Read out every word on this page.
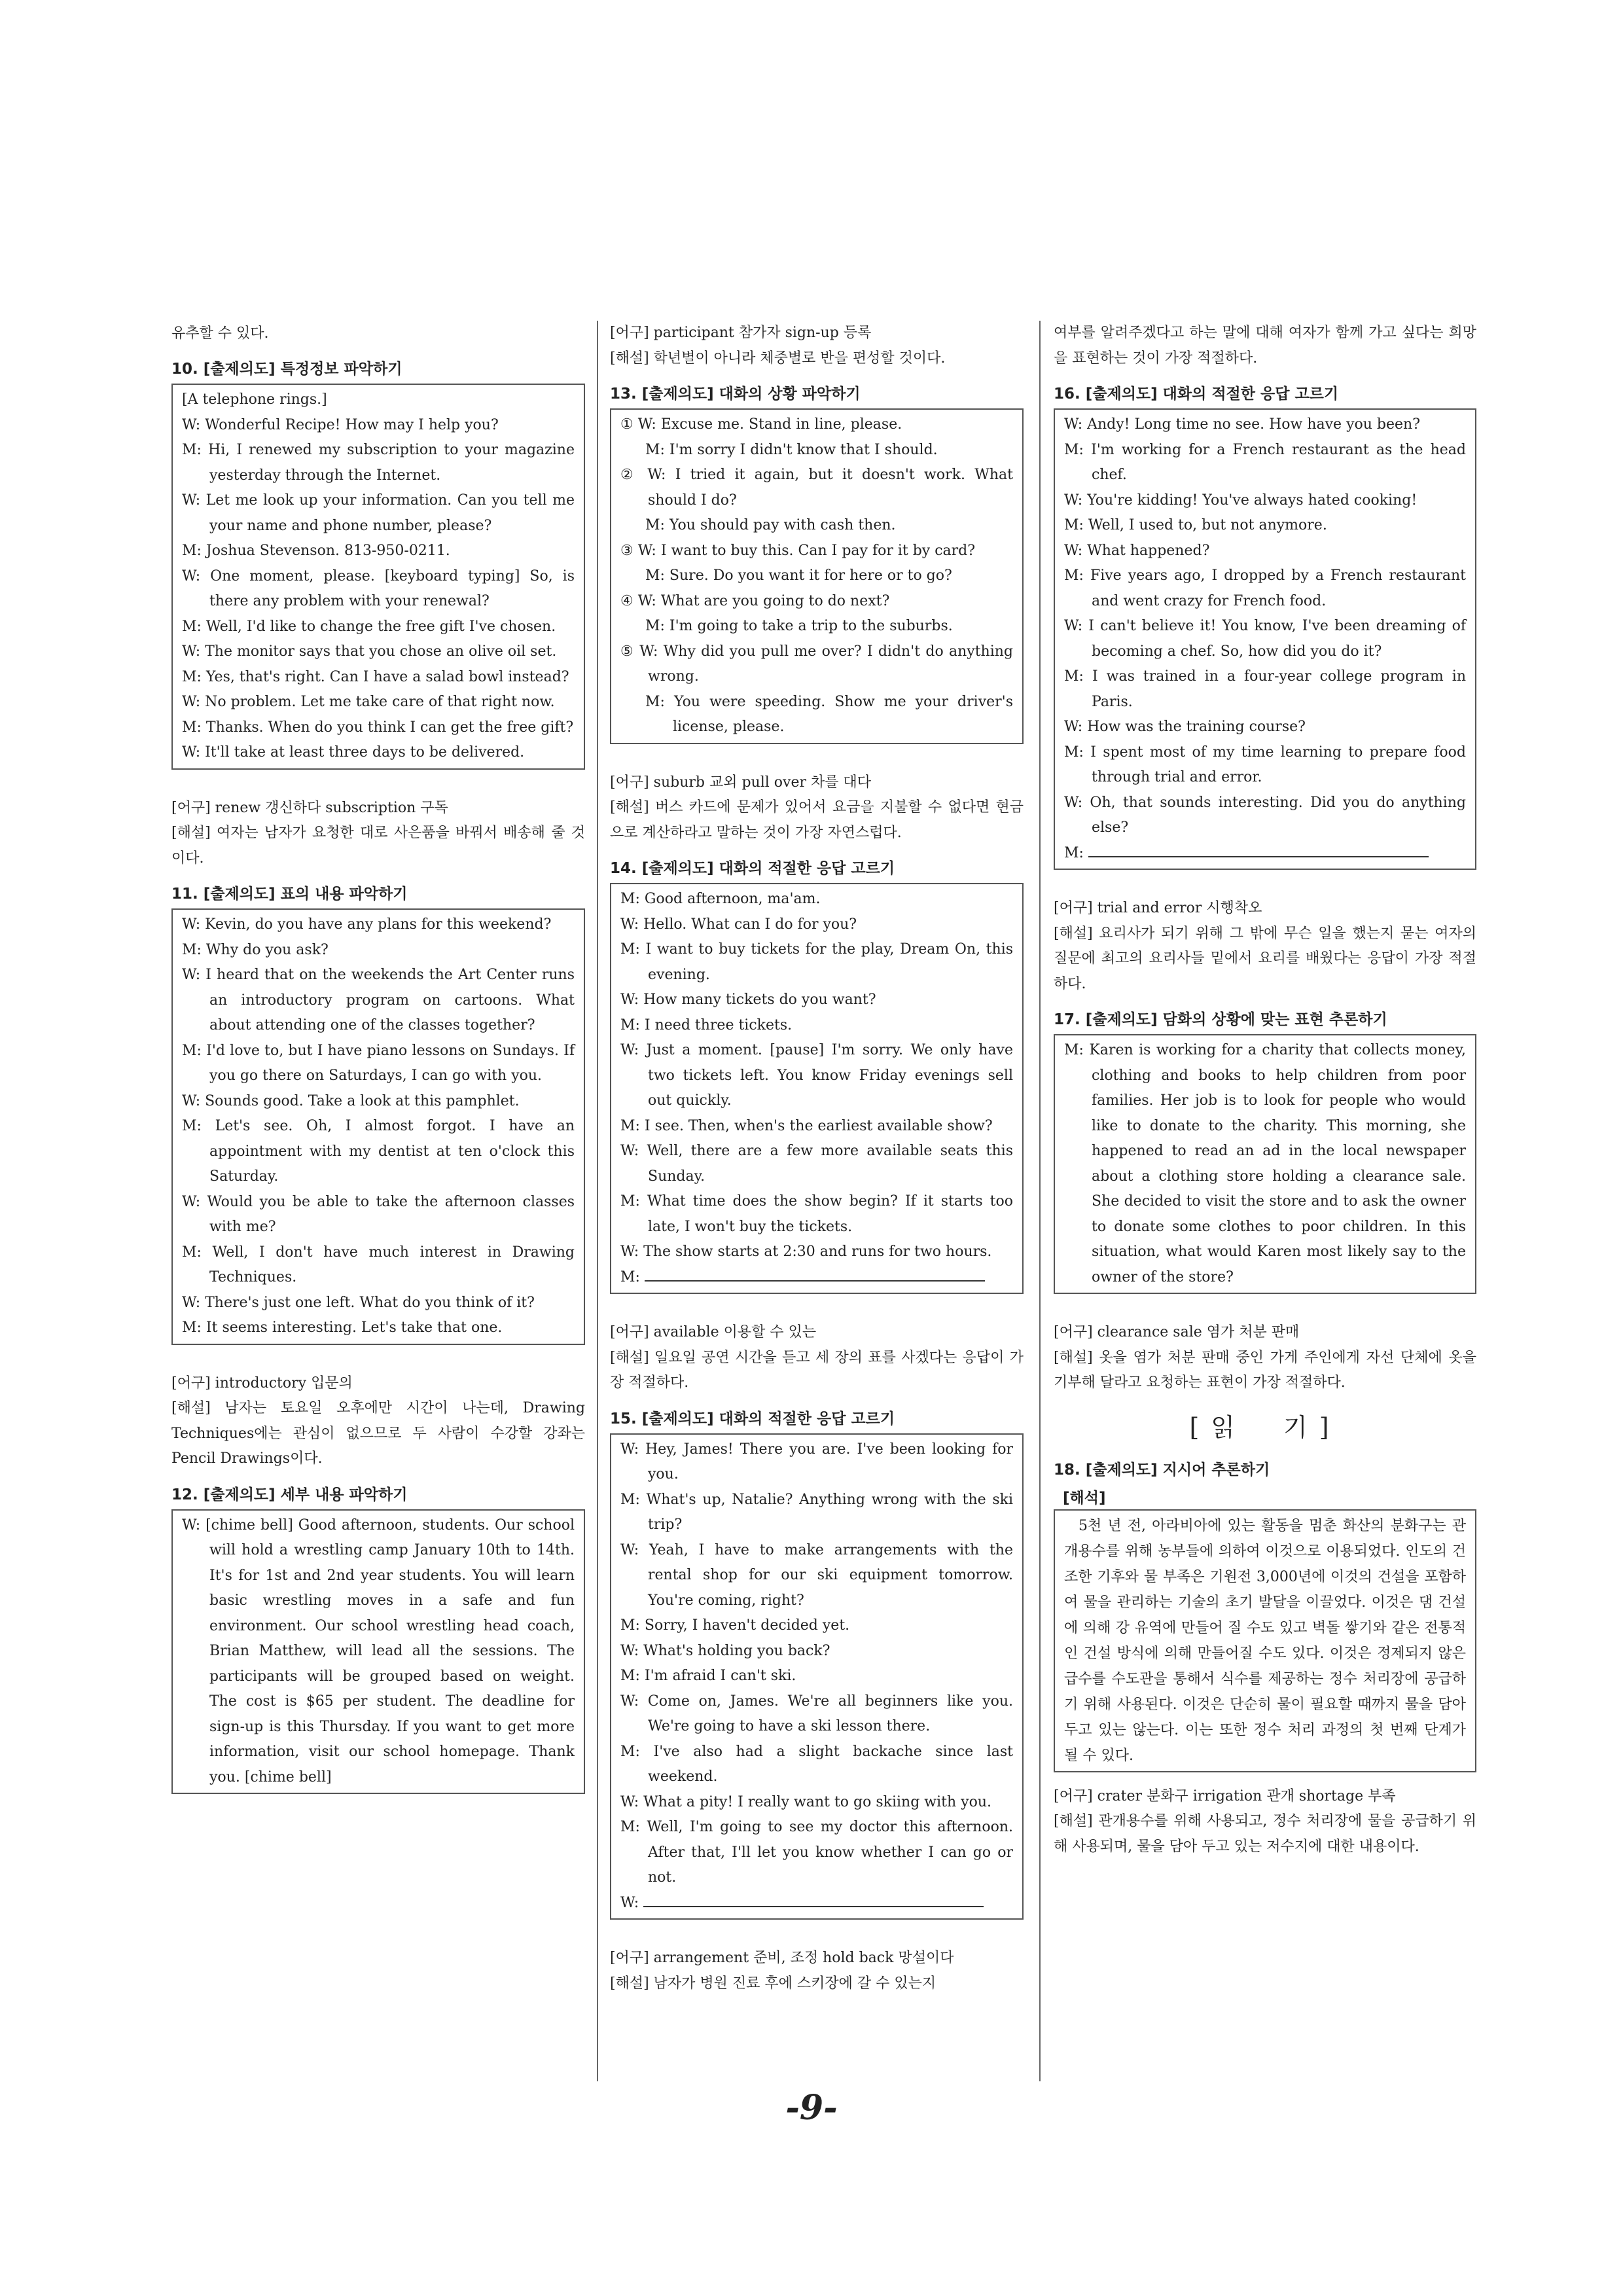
유추할 수 있다.

10. [출제의도] 특정정보 파악하기

[A telephone rings.]
W: Wonderful Recipe! How may I help you?
M: Hi, I renewed my subscription to your magazine yesterday through the Internet.
W: Let me look up your information. Can you tell me your name and phone number, please?
M: Joshua Stevenson. 813-950-0211.
W: One moment, please. [keyboard typing] So, is there any problem with your renewal?
M: Well, I'd like to change the free gift I've chosen.
W: The monitor says that you chose an olive oil set.
M: Yes, that's right. Can I have a salad bowl instead?
W: No problem. Let me take care of that right now.
M: Thanks. When do you think I can get the free gift?
W: It'll take at least three days to be delivered.

[어구] renew 갱신하다 subscription 구독

[해설] 여자는 남자가 요청한 대로 사은품을 바꿔서 배송해 줄 것이다.

11. [출제의도] 표의 내용 파악하기

W: Kevin, do you have any plans for this weekend?
M: Why do you ask?
W: I heard that on the weekends the Art Center runs an introductory program on cartoons. What about attending one of the classes together?
M: I'd love to, but I have piano lessons on Sundays. If you go there on Saturdays, I can go with you.
W: Sounds good. Take a look at this pamphlet.
M: Let's see. Oh, I almost forgot. I have an appointment with my dentist at ten o'clock this Saturday.
W: Would you be able to take the afternoon classes with me?
M: Well, I don't have much interest in Drawing Techniques.
W: There's just one left. What do you think of it?
M: It seems interesting. Let's take that one.

[어구] introductory 입문의

[해설] 남자는 토요일 오후에만 시간이 나는데, Drawing Techniques에는 관심이 없으므로 두 사람이 수강할 강좌는 Pencil Drawings이다.

12. [출제의도] 세부 내용 파악하기

W: [chime bell] Good afternoon, students. Our school will hold a wrestling camp January 10th to 14th. It's for 1st and 2nd year students. You will learn basic wrestling moves in a safe and fun environment. Our school wrestling head coach, Brian Matthew, will lead all the sessions. The participants will be grouped based on weight. The cost is $65 per student. The deadline for sign-up is this Thursday. If you want to get more information, visit our school homepage. Thank you. [chime bell]

[어구] participant 참가자 sign-up 등록

[해설] 학년별이 아니라 체중별로 반을 편성할 것이다.

13. [출제의도] 대화의 상황 파악하기

① W: Excuse me. Stand in line, please.
M: I'm sorry I didn't know that I should.
② W: I tried it again, but it doesn't work. What should I do?
M: You should pay with cash then.
③ W: I want to buy this. Can I pay for it by card?
M: Sure. Do you want it for here or to go?
④ W: What are you going to do next?
M: I'm going to take a trip to the suburbs.
⑤ W: Why did you pull me over? I didn't do anything wrong.
M: You were speeding. Show me your driver's license, please.

[어구] suburb 교외 pull over 차를 대다

[해설] 버스 카드에 문제가 있어서 요금을 지불할 수 없다면 현금으로 계산하라고 말하는 것이 가장 자연스럽다.

14. [출제의도] 대화의 적절한 응답 고르기

M: Good afternoon, ma'am.
W: Hello. What can I do for you?
M: I want to buy tickets for the play, Dream On, this evening.
W: How many tickets do you want?
M: I need three tickets.
W: Just a moment. [pause] I'm sorry. We only have two tickets left. You know Friday evenings sell out quickly.
M: I see. Then, when's the earliest available show?
W: Well, there are a few more available seats this Sunday.
M: What time does the show begin? If it starts too late, I won't buy the tickets.
W: The show starts at 2:30 and runs for two hours.
M:

[어구] available 이용할 수 있는

[해설] 일요일 공연 시간을 듣고 세 장의 표를 사겠다는 응답이 가장 적절하다.

15. [출제의도] 대화의 적절한 응답 고르기

W: Hey, James! There you are. I've been looking for you.
M: What's up, Natalie? Anything wrong with the ski trip?
W: Yeah, I have to make arrangements with the rental shop for our ski equipment tomorrow. You're coming, right?
M: Sorry, I haven't decided yet.
W: What's holding you back?
M: I'm afraid I can't ski.
W: Come on, James. We're all beginners like you. We're going to have a ski lesson there.
M: I've also had a slight backache since last weekend.
W: What a pity! I really want to go skiing with you.
M: Well, I'm going to see my doctor this afternoon. After that, I'll let you know whether I can go or not.
W:

[어구] arrangement 준비, 조정 hold back 망설이다

[해설] 남자가 병원 진료 후에 스키장에 갈 수 있는지

여부를 알려주겠다고 하는 말에 대해 여자가 함께 가고 싶다는 희망을 표현하는 것이 가장 적절하다.

16. [출제의도] 대화의 적절한 응답 고르기

W: Andy! Long time no see. How have you been?
M: I'm working for a French restaurant as the head chef.
W: You're kidding! You've always hated cooking!
M: Well, I used to, but not anymore.
W: What happened?
M: Five years ago, I dropped by a French restaurant and went crazy for French food.
W: I can't believe it! You know, I've been dreaming of becoming a chef. So, how did you do it?
M: I was trained in a four-year college program in Paris.
W: How was the training course?
M: I spent most of my time learning to prepare food through trial and error.
W: Oh, that sounds interesting. Did you do anything else?
M:

[어구] trial and error 시행착오

[해설] 요리사가 되기 위해 그 밖에 무슨 일을 했는지 묻는 여자의 질문에 최고의 요리사들 밑에서 요리를 배웠다는 응답이 가장 적절하다.

17. [출제의도] 담화의 상황에 맞는 표현 추론하기

M: Karen is working for a charity that collects money, clothing and books to help children from poor families. Her job is to look for people who would like to donate to the charity. This morning, she happened to read an ad in the local newspaper about a clothing store holding a clearance sale. She decided to visit the store and to ask the owner to donate some clothes to poor children. In this situation, what would Karen most likely say to the owner of the store?

[어구] clearance sale 염가 처분 판매

[해설] 옷을 염가 처분 판매 중인 가게 주인에게 자선 단체에 옷을 기부해 달라고 요청하는 표현이 가장 적절하다.

[읽　기]

18. [출제의도] 지시어 추론하기

[해석]

5천 년 전, 아라비아에 있는 활동을 멈춘 화산의 분화구는 관개용수를 위해 농부들에 의하여 이것으로 이용되었다. 인도의 건조한 기후와 물 부족은 기원전 3,000년에 이것의 건설을 포함하여 물을 관리하는 기술의 초기 발달을 이끌었다. 이것은 댐 건설에 의해 강 유역에 만들어 질 수도 있고 벽돌 쌓기와 같은 전통적인 건설 방식에 의해 만들어질 수도 있다. 이것은 정제되지 않은 급수를 수도관을 통해서 식수를 제공하는 정수 처리장에 공급하기 위해 사용된다. 이것은 단순히 물이 필요할 때까지 물을 담아 두고 있는 않는다. 이는 또한 정수 처리 과정의 첫 번째 단계가 될 수 있다.

[어구] crater 분화구 irrigation 관개 shortage 부족

[해설] 관개용수를 위해 사용되고, 정수 처리장에 물을 공급하기 위해 사용되며, 물을 담아 두고 있는 저수지에 대한 내용이다.

-9-
